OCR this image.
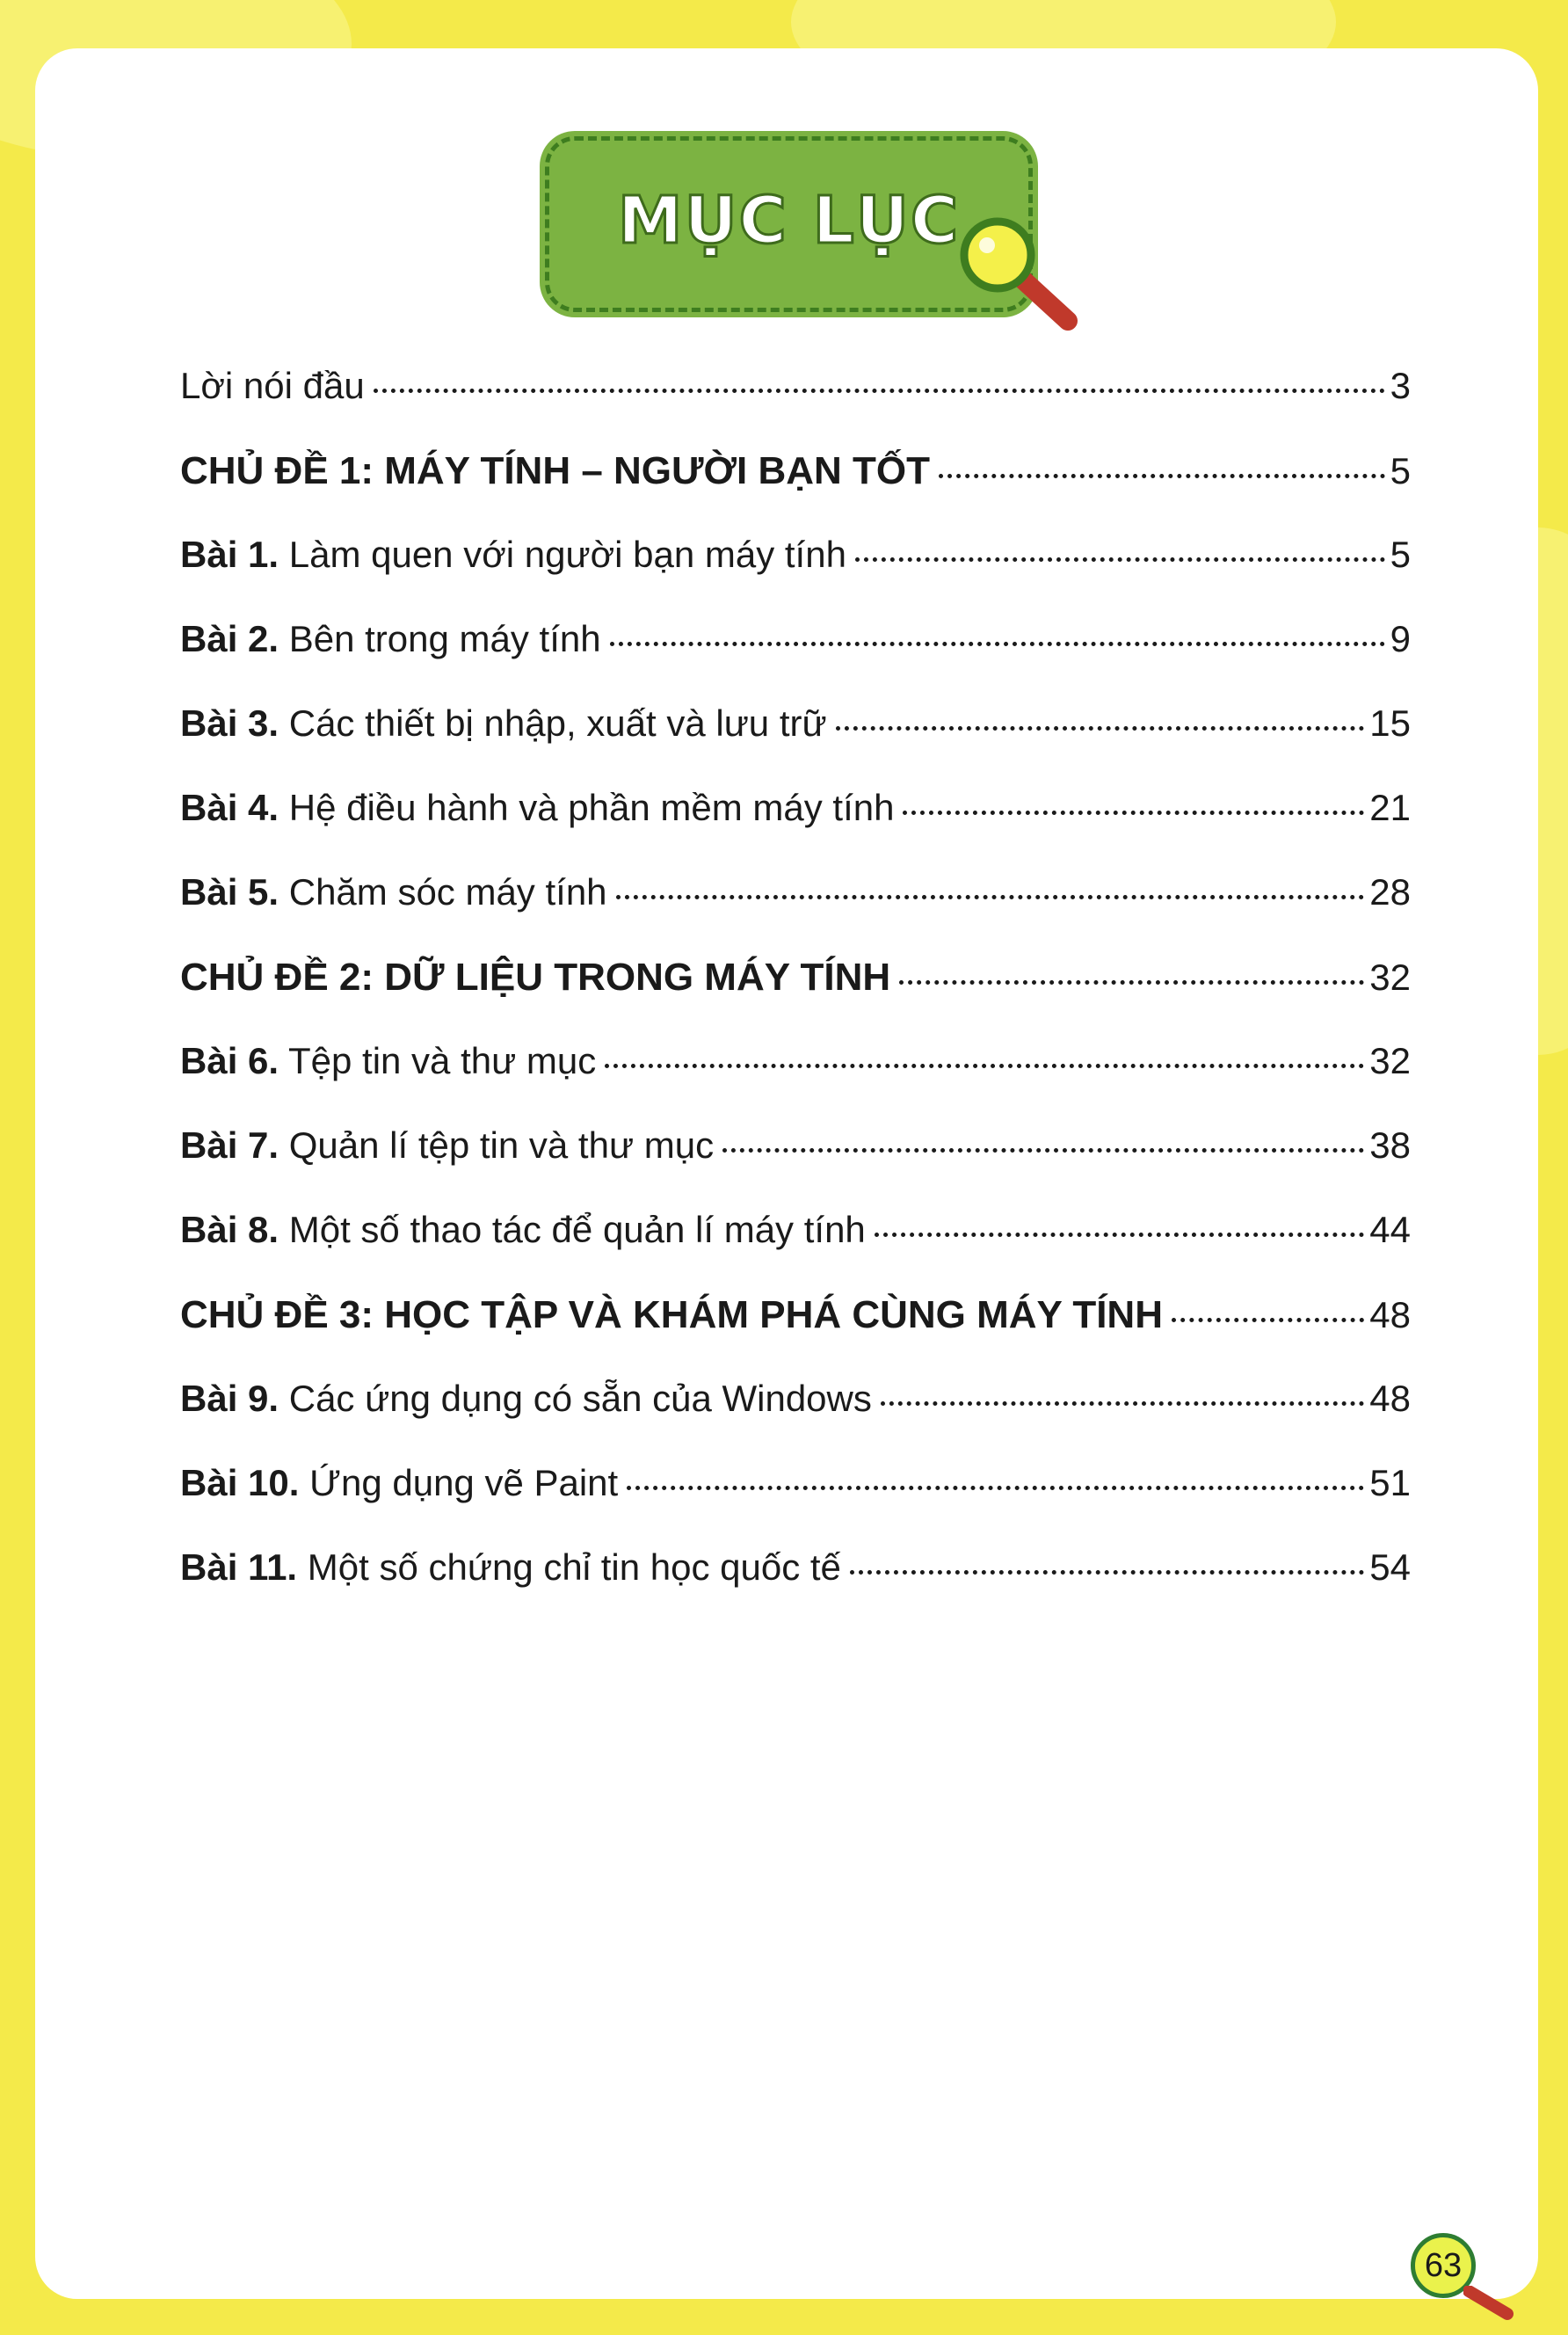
MỤC LỤC
Lời nói đầu	3
CHỦ ĐỀ 1: MÁY TÍNH – NGƯỜI BẠN TỐT	5
Bài 1. Làm quen với người bạn máy tính	5
Bài 2. Bên trong máy tính	9
Bài 3. Các thiết bị nhập, xuất và lưu trữ	15
Bài 4. Hệ điều hành và phần mềm máy tính	21
Bài 5. Chăm sóc máy tính	28
CHỦ ĐỀ 2: DỮ LIỆU TRONG MÁY TÍNH	32
Bài 6. Tệp tin và thư mục	32
Bài 7. Quản lí tệp tin và thư mục	38
Bài 8. Một số thao tác để quản lí máy tính	44
CHỦ ĐỀ 3: HỌC TẬP VÀ KHÁM PHÁ CÙNG MÁY TÍNH	48
Bài 9. Các ứng dụng có sẵn của Windows	48
Bài 10. Ứng dụng vẽ Paint	51
Bài 11. Một số chứng chỉ tin học quốc tế	54
63
